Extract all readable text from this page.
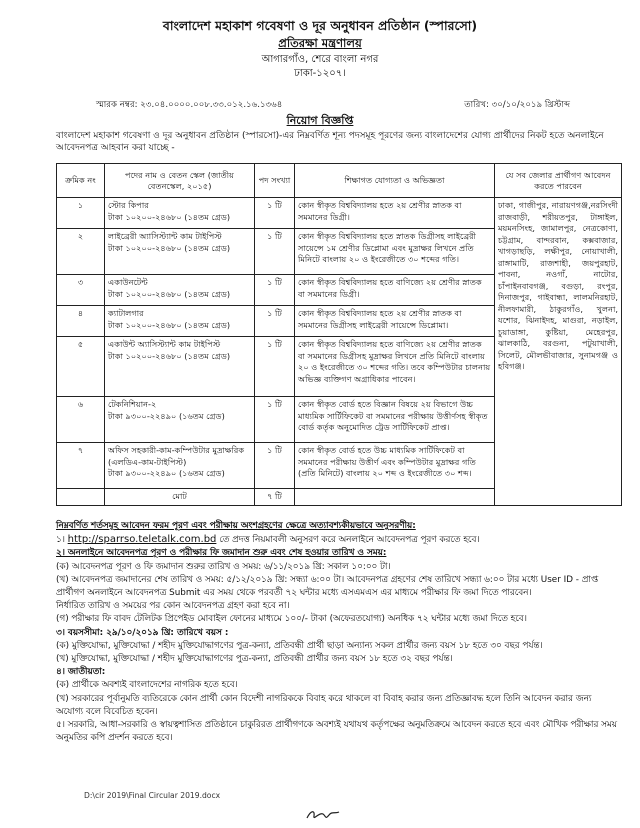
বাংলাদেশ মহাকাশ গবেষণা ও দূর অনুধাবন প্রতিষ্ঠান (স্পারসো)
প্রতিরক্ষা মন্ত্রণালয়
আগারগাঁও, শেরে বাংলা নগর
ঢাকা-১২০৭।
স্মারক নম্বর: ২৩.০৪.০০০০.০০৮.৩৩.০১২.১৬.১৩৬৪
নিয়োগ বিজ্ঞপ্তি
তারিখ: ৩০/১০/২০১৯ খ্রিস্টাব্দ
বাংলাদেশ মহাকাশ গবেষণা ও দূর অনুধাবন প্রতিষ্ঠান (স্পারসো)-এর নিম্নবর্ণিত শূন্য পদসমূহ পূরণের জন্য বাংলাদেশের যোগ্য প্রার্থীদের নিকট হতে অনলাইনে আবেদনপত্র আহবান করা যাচ্ছে -
ক্রমিক নং	পদের নাম ও বেতন স্কেল (জাতীয় বেতনস্কেল, ২০১৫)	পদ সংখ্যা	শিক্ষাগত যোগ্যতা ও অভিজ্ঞতা	যে সব জেলার প্রার্থীগণ আবেদন করতে পারবেন
১	স্টোর কিপার
টাকা ১০২০০-২৪৬৮০ (১৪তম গ্রেড)	১ টি	কোন স্বীকৃত বিশ্ববিদ্যালয় হতে ২য় শ্রেণীর স্নাতক বা সমমানের ডিগ্রী।	ঢাকা, গাজীপুর, নারায়ণগঞ্জ,নরসিংদী রাজবাড়ী, শরীয়তপুর, টাঙ্গাইল, ময়মনসিংহ, জামালপুর, নেত্রকোণা, চট্টগ্রাম, বান্দরবান, কক্সবাজার, খাগড়াছড়ি, লক্ষীপুর, নোয়াখালী, রাঙ্গামাটি, রাজশাহী, জয়পুরহাট, পাবনা, নওগাঁ, নাটোর, চাঁপাইনবাবগঞ্জ, বগুড়া, রংপুর, দিনাজপুর, গাইবান্ধা, লালমনিরহাট, নীলফামারী, ঠাকুরগাঁও, খুলনা, যশোর, ঝিনাইদহ, মাগুরা, নড়াইল, চুয়াডাঙ্গা, কুষ্টিয়া, মেহেরপুর, ঝালকাঠি, বরগুনা, পটুয়াখালী, সিলেট, মৌলভীবাজার, সুনামগঞ্জ ও হবিগঞ্জ।
২	লাইব্রেরী অ্যাসিস্ট্যান্ট কাম টাইপিস্ট
টাকা ১০২০০-২৪৬৮০ (১৪তম গ্রেড)	১ টি	কোন স্বীকৃত বিশ্ববিদ্যালয় হতে স্নাতক ডিগ্রীসহ লাইব্রেরী সায়েন্সে ১ম শ্রেণীর ডিপ্লোমা এবং মুদ্রাক্ষর লিখনে প্রতি মিনিটে বাংলায় ২০ ও ইংরেজীতে ৩০ শব্দের গতি।	
৩	একাউনটেন্ট
টাকা ১০২০০-২৪৬৮০ (১৪তম গ্রেড)	১ টি	কোন স্বীকৃত বিশ্ববিদ্যালয় হতে বাণিজ্যে ২য় শ্রেণীর স্নাতক বা সমমানের ডিগ্রী।	
৪	ক্যাটালগার
টাকা ১০২০০-২৪৬৮০ (১৪তম গ্রেড)	১ টি	কোন স্বীকৃত বিশ্ববিদ্যালয় হতে ২য় শ্রেণীর স্নাতক বা সমমানের ডিগ্রীসহ লাইব্রেরী সায়েন্সে ডিপ্লোমা।	
৫	একাউন্ট অ্যাসিস্ট্যান্ট কাম টাইপিস্ট
টাকা ১০২০০-২৪৬৮০ (১৪তম গ্রেড)	১ টি	কোন স্বীকৃত বিশ্ববিদ্যালয় হতে বাণিজ্যে ২য় শ্রেণীর স্নাতক বা সমমানের ডিগ্রীসহ মুদ্রাক্ষর লিখনে প্রতি মিনিটে বাংলায় ২০ ও ইংরেজীতে ৩০ শব্দের গতি। তবে কম্পিউটার চালনায় অভিজ্ঞ ব্যক্তিগণ অগ্রাধিকার পাবেন।	
৬	টেকনিশিয়ান-২
টাকা ৯৩০০-২২৪৯০ (১৬তম গ্রেড)	১ টি	কোন স্বীকৃত বোর্ড হতে বিজ্ঞান বিষয়ে ২য় বিভাগে উচ্চ মাধ্যমিক সার্টিফিকেট বা সমমানের পরীক্ষায় উত্তীর্ণসহ স্বীকৃত বোর্ড কর্তৃক অনুমোদিত ট্রেড সার্টিফিকেট প্রাপ্ত।	
৭	অফিস সহকারী-কাম-কম্পিউটার মুদ্রাক্ষরিক (এলডিএ-কাম-টাইপিস্ট)
টাকা ৯৩০০-২২৪৯০ (১৬তম গ্রেড)	১ টি	কোন স্বীকৃত বোর্ড হতে উচ্চ মাধ্যমিক সার্টিফিকেট বা সমমানের পরীক্ষায় উত্তীর্ণ এবং কম্পিউটার মুদ্রাক্ষর গতি (প্রতি মিনিটে) বাংলায় ২০ শব্দ ও ইংরেজীতে ৩০ শব্দ।	
	মোট	৭ টি		

নিম্নবর্ণিত শর্তসমূহ আবেদন ফরম পূরণ এবং পরীক্ষায় অংশগ্রহণের ক্ষেত্রে অত্যাবশ্যকীয়ভাবে অনুসরণীয়:

১। http://sparrso.teletalk.com.bd তে প্রদত্ত নিয়মাবলী অনুসরণ করে অনলাইনে আবেদনপত্র পূরণ করতে হবে।

২। অনলাইনে আবেদনপত্র পূরণ ও পরীক্ষার ফি জমাদান শুরু এবং শেষ হওয়ার তারিখ ও সময়:

(ক) আবেদনপত্র পূরণ ও ফি জমাদান শুরুর তারিখ ও সময়: ৬/১১/২০১৯ খ্রি: সকাল ১০:০০ টা।

(খ) আবেদনপত্র জমাদানের শেষ তারিখ ও সময়: ৫/১২/২০১৯ খ্রি: সন্ধ্যা ৬:০০ টা। আবেদনপত্র গ্রহণের শেষ তারিখে সন্ধ্যা ৬:০০ টার মধ্যে User ID - প্রাপ্ত প্রার্থীগণ অনলাইনে আবেদনপত্র Submit এর সময় থেকে পরবর্তী ৭২ ঘন্টার মধ্যে এসএমএস এর মাধ্যমে পরীক্ষার ফি জমা দিতে পারবেন।

নির্ধারিত তারিখ ও সময়ের পর কোন আবেদনপত্র গ্রহণ করা হবে না।

(গ) পরীক্ষার ফি বাবদ টেলিটক প্রিপেইড মোবাইল ফোনের মাধ্যমে ১০০/- টাকা (অফেরতযোগ্য) অনধিক ৭২ ঘন্টার মধ্যে জমা দিতে হবে।

৩। বয়সসীমা: ২৯/১০/২০১৯ খ্রি: তারিখে বয়স :

(ক) মুক্তিযোদ্ধা, মুক্তিযোদ্ধা / শহীদ মুক্তিযোদ্ধাগণের পুত্র-কন্যা, প্রতিবন্ধী প্রার্থী ছাড়া অন্যান্য সকল প্রার্থীর জন্য বয়স ১৮ হতে ৩০ বছর পর্যন্ত।

(খ) মুক্তিযোদ্ধা, মুক্তিযোদ্ধা / শহীদ মুক্তিযোদ্ধাগণের পুত্র-কন্যা, প্রতিবন্ধী প্রার্থীর জন্য বয়স ১৮ হতে ৩২ বছর পর্যন্ত।

৪। জাতীয়তা:

(ক) প্রার্থীকে অবশ্যই বাংলাদেশের নাগরিক হতে হবে।

(খ) সরকারের পূর্বানুমতি ব্যতিরেকে কোন প্রার্থী কোন বিদেশী নাগরিককে বিবাহ করে থাকলে বা বিবাহ করার জন্য প্রতিজ্ঞাবদ্ধ হলে তিনি আবেদন করার জন্য অযোগ্য বলে বিবেচিত হবেন।

৫। সরকারি, আধা-সরকারি ও স্বায়ত্বশাসিত প্রতিষ্ঠানে চাকুরিরত প্রার্থীগণকে অবশ্যই যথাযথ কর্তৃপক্ষের অনুমতিক্রমে আবেদন করতে হবে এবং মৌখিক পরীক্ষার সময় অনুমতির কপি প্রদর্শন করতে হবে।

D:\cir 2019\Final Circular 2019.docx
